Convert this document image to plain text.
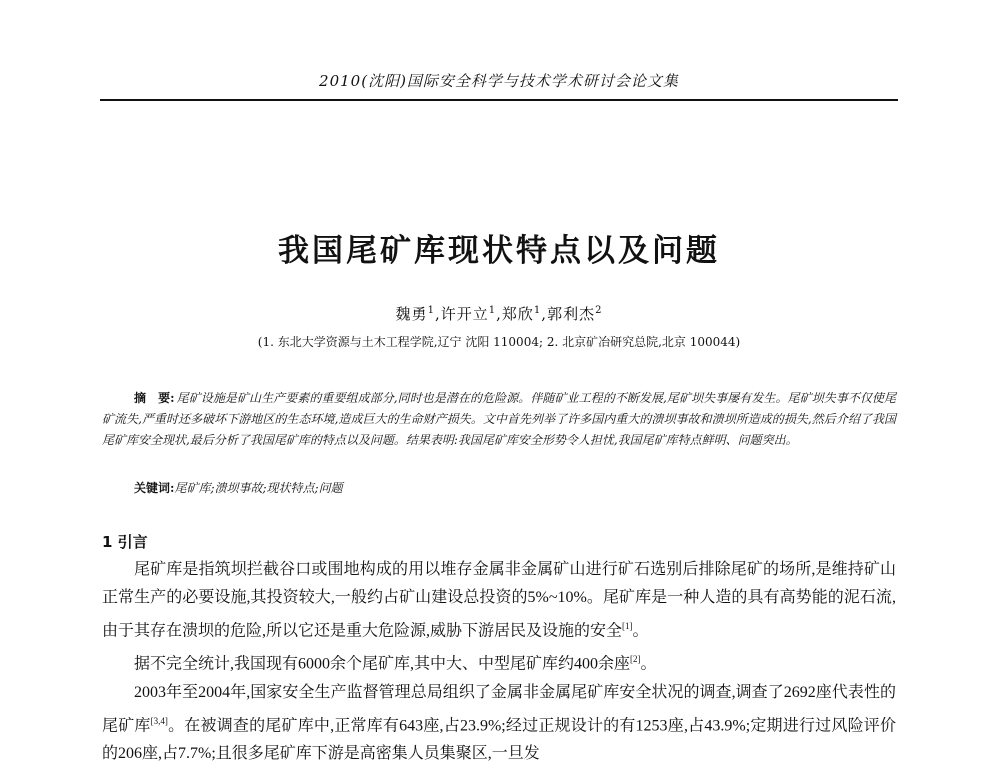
2010(沈阳)国际安全科学与技术学术研讨会论文集
我国尾矿库现状特点以及问题
魏勇$^1$,许开立$^1$,郑欣$^1$,郭利杰$^2$
(1. 东北大学资源与土木工程学院,辽宁 沈阳 110004; 2. 北京矿冶研究总院,北京 100044)
摘　要: 尾矿设施是矿山生产要素的重要组成部分,同时也是潜在的危险源。伴随矿业工程的不断发展,尾矿坝失事屡有发生。尾矿坝失事不仅使尾矿流失,严重时还多破坏下游地区的生态环境,造成巨大的生命财产损失。文中首先列举了许多国内重大的溃坝事故和溃坝所造成的损失,然后介绍了我国尾矿库安全现状,最后分析了我国尾矿库的特点以及问题。结果表明:我国尾矿库安全形势令人担忧,我国尾矿库特点鲜明、问题突出。
关键词:尾矿库;溃坝事故;现状特点;问题
1 引言

尾矿库是指筑坝拦截谷口或围地构成的用以堆存金属非金属矿山进行矿石选别后排除尾矿的场所,是维持矿山正常生产的必要设施,其投资较大,一般约占矿山建设总投资的5%~10%。尾矿库是一种人造的具有高势能的泥石流,由于其存在溃坝的危险,所以它还是重大危险源,威胁下游居民及设施的安全[1]。

据不完全统计,我国现有6000余个尾矿库,其中大、中型尾矿库约400余座[2]。

2003年至2004年,国家安全生产监督管理总局组织了金属非金属尾矿库安全状况的调查,调查了2692座代表性的尾矿库[3,4]。在被调查的尾矿库中,正常库有643座,占23.9%;经过正规设计的有1253座,占43.9%;定期进行过风险评价的206座,占7.7%;且很多尾矿库下游是高密集人员集聚区,一旦发
